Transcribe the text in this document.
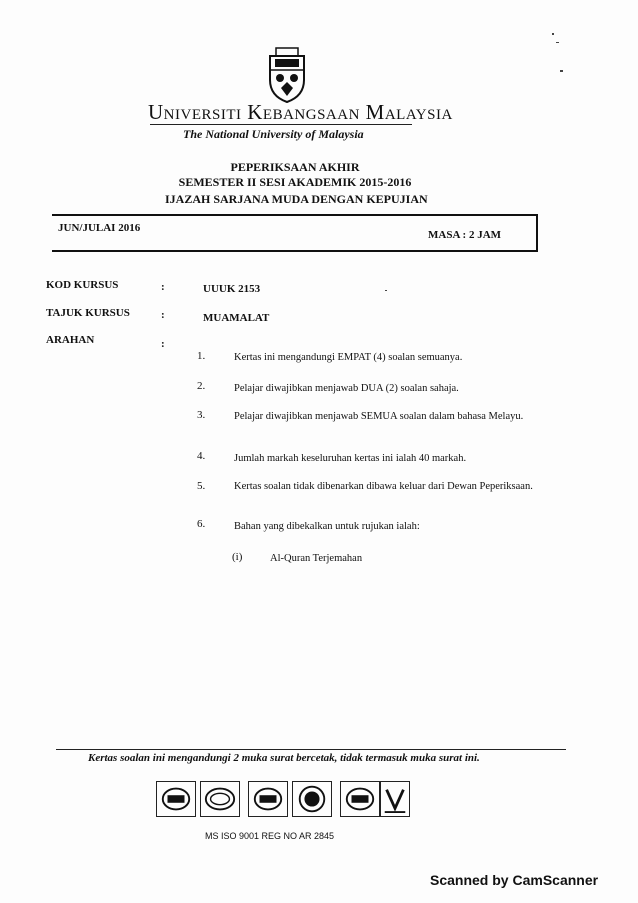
Universiti Kebangsaan Malaysia
The National University of Malaysia
PEPERIKSAAN AKHIR
SEMESTER II SESI AKADEMIK 2015-2016
IJAZAH SARJANA MUDA DENGAN KEPUJIAN
JUN/JULAI 2016
MASA : 2 JAM
KOD KURSUS	:	UUUK 2153
TAJUK KURSUS	:	MUAMALAT
ARAHAN	:
1.	Kertas ini mengandungi EMPAT (4) soalan semuanya.
2.	Pelajar diwajibkan menjawab DUA (2) soalan sahaja.
3.	Pelajar diwajibkan menjawab SEMUA soalan dalam bahasa Melayu.
4.	Jumlah markah keseluruhan kertas ini ialah 40 markah.
5.	Kertas soalan tidak dibenarkan dibawa keluar dari Dewan Peperiksaan.
6.	Bahan yang dibekalkan untuk rujukan ialah:
(i)	Al-Quran Terjemahan
Kertas soalan ini mengandungi 2 muka surat bercetak, tidak termasuk muka surat ini.
MS ISO 9001 REG NO AR 2845
Scanned by CamScanner
